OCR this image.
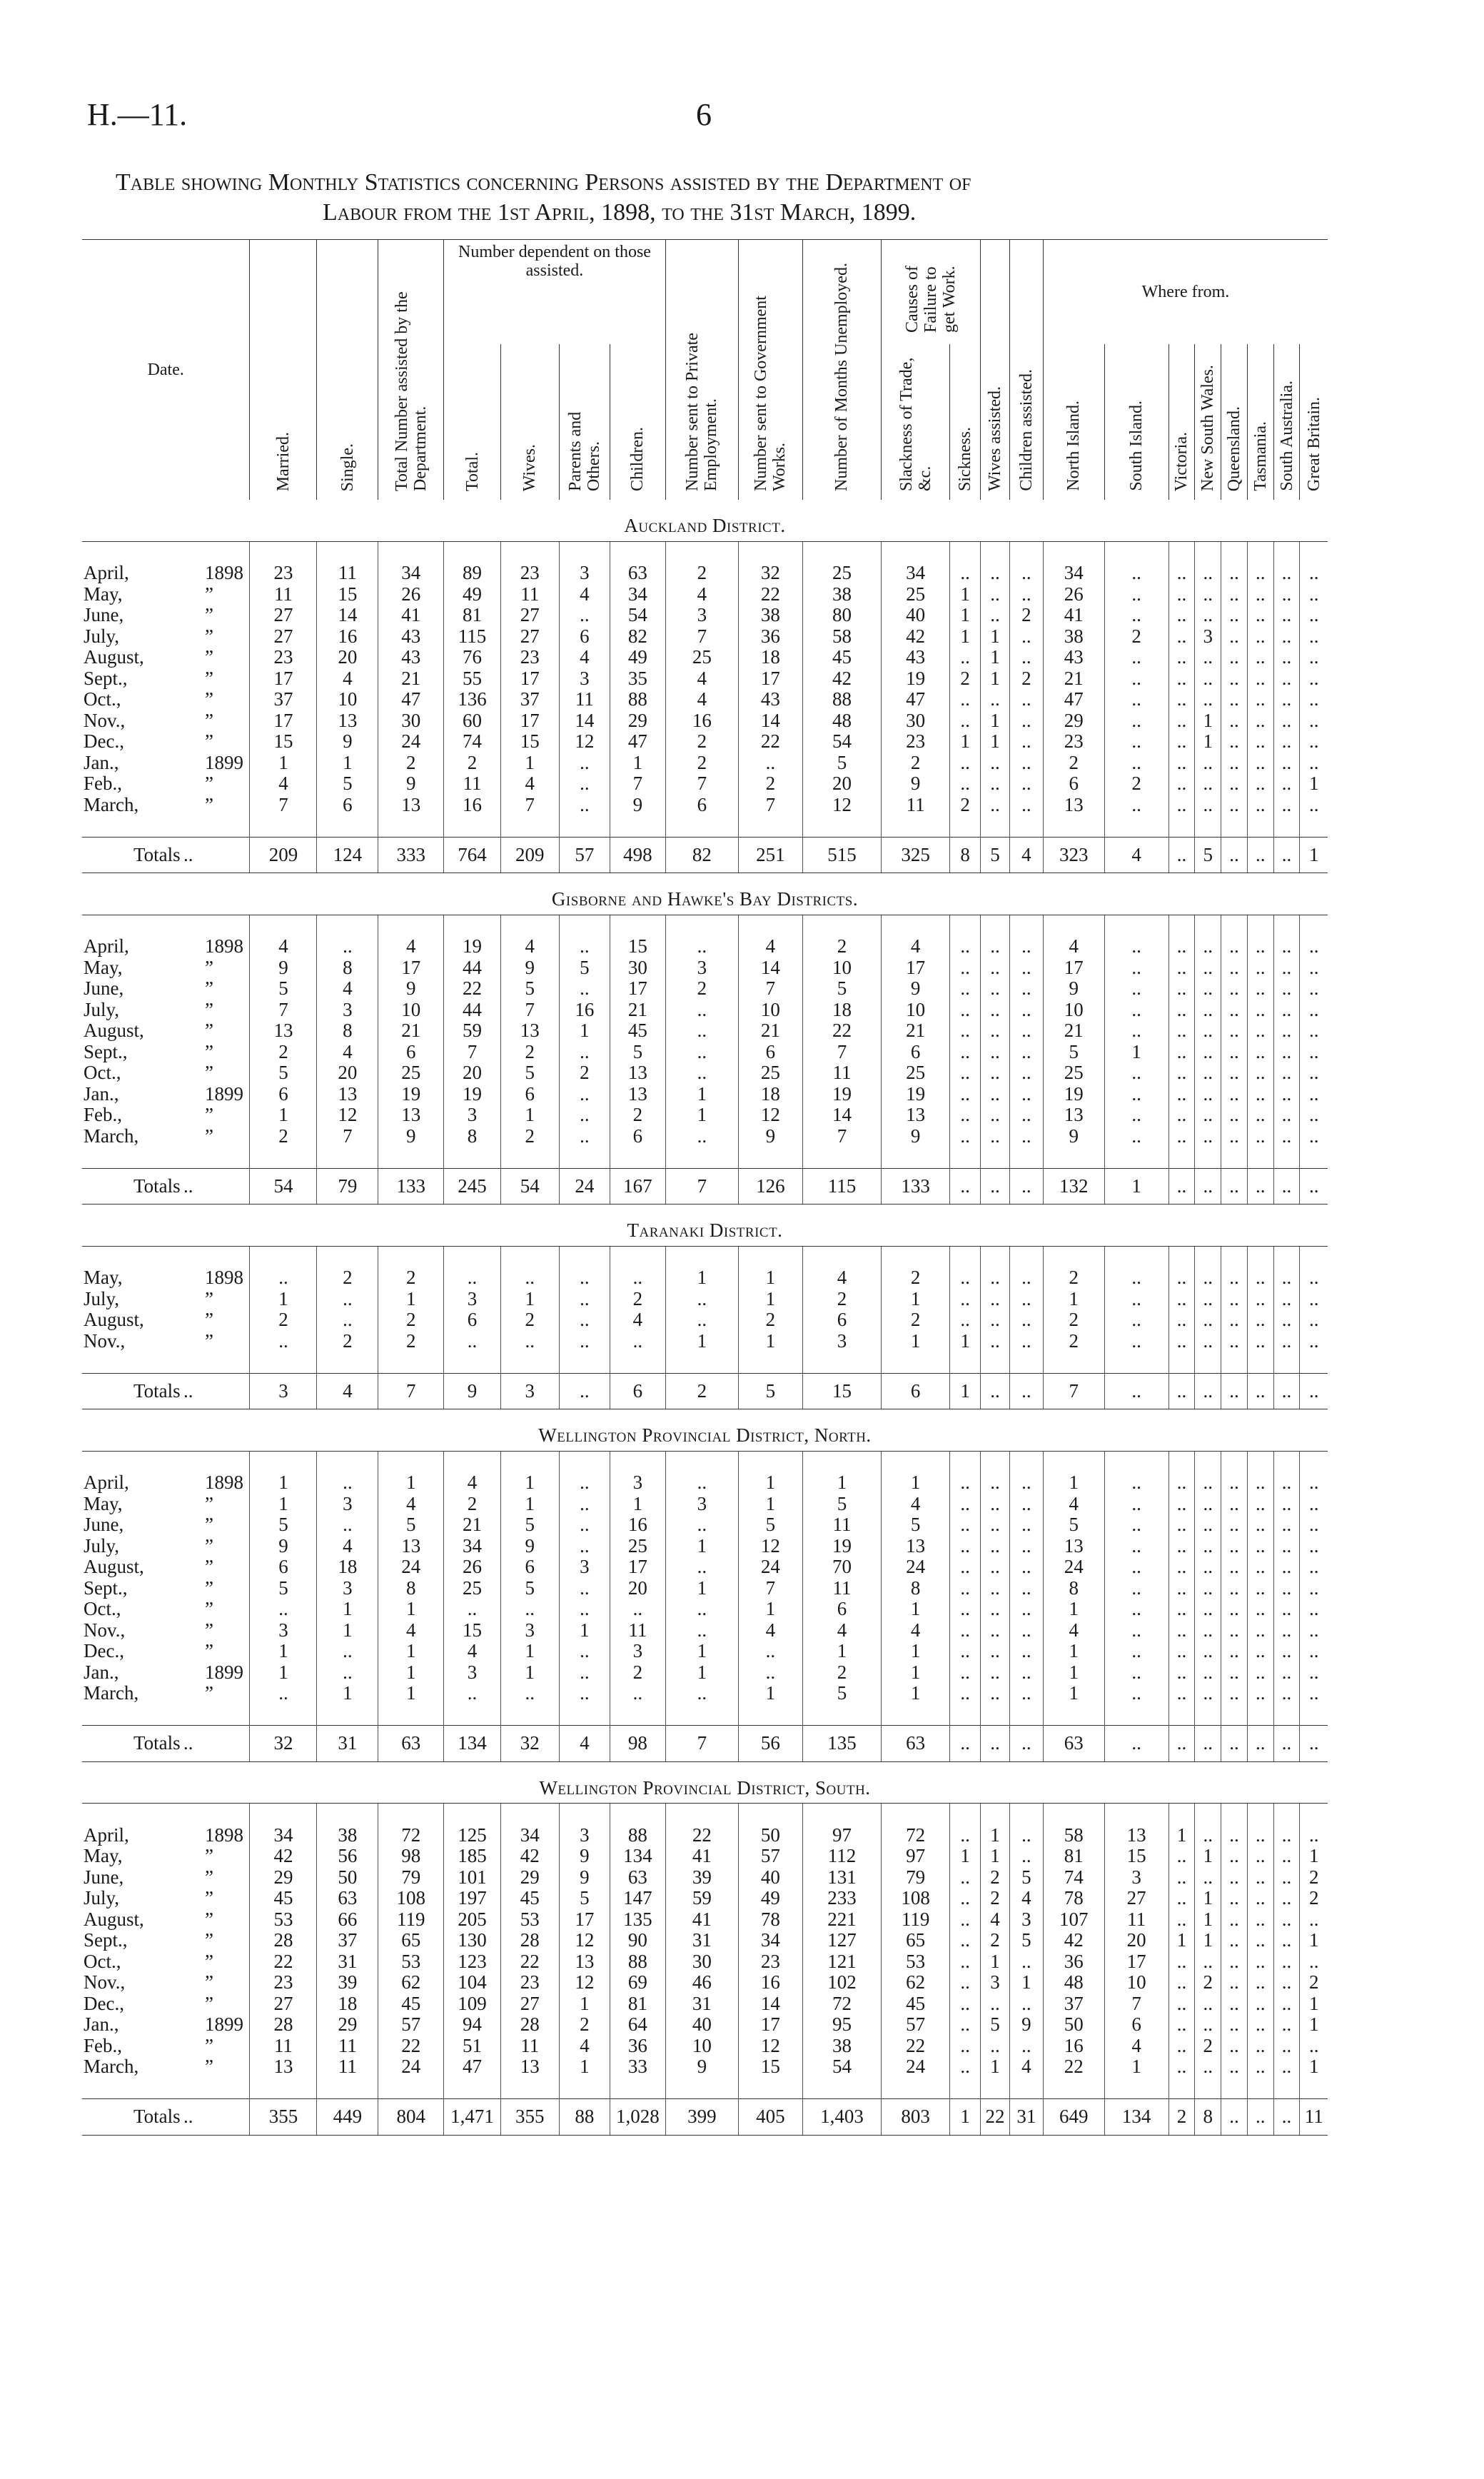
H.—11.	6
Table showing Monthly Statistics concerning Persons assisted by the Department of
Labour from the 1st April, 1898, to the 31st March, 1899.
Date.	Married.	Single.	Total Number assisted by the Department.	Number dependent on those assisted.				Number sent to Private Employment.	Number sent to Government Works.	Number of Months Unemployed.	Causes of Failure to get Work.		Wives assisted.	Children assisted.	Where from.							
				Total.	Wives.	Parents and Others.	Children.				Slackness of Trade, &c.	Sickness.			North Island.	South Island.	Victoria.	New South Wales.	Queensland.	Tasmania.	South Australia.	Great Britain.

Auckland District.																						

April, 1898	23	11	34	89	23	3	63	2	32	25	34	..	..	..	34	..	..	..	..	..	..	..
May, ”	11	15	26	49	11	4	34	4	22	38	25	1	..	..	26	..	..	..	..	..	..	..
June, ”	27	14	41	81	27	..	54	3	38	80	40	1	..	2	41	..	..	..	..	..	..	..
July, ”	27	16	43	115	27	6	82	7	36	58	42	1	1	..	38	2	..	3	..	..	..	..
August, ”	23	20	43	76	23	4	49	25	18	45	43	..	1	..	43	..	..	..	..	..	..	..
Sept., ”	17	4	21	55	17	3	35	4	17	42	19	2	1	2	21	..	..	..	..	..	..	..
Oct., ”	37	10	47	136	37	11	88	4	43	88	47	..	..	..	47	..	..	..	..	..	..	..
Nov., ”	17	13	30	60	17	14	29	16	14	48	30	..	1	..	29	..	..	1	..	..	..	..
Dec., ”	15	9	24	74	15	12	47	2	22	54	23	1	1	..	23	..	..	1	..	..	..	..
Jan., 1899	1	1	2	2	1	..	1	2	..	5	2	..	..	..	2	..	..	..	..	..	..	..
Feb., ”	4	5	9	11	4	..	7	7	2	20	9	..	..	..	6	2	..	..	..	..	..	1
March, ”	7	6	13	16	7	..	9	6	7	12	11	2	..	..	13	..	..	..	..	..	..	..

Totals ..	209	124	333	764	209	57	498	82	251	515	325	8	5	4	323	4	..	5	..	..	..	1
Gisborne and Hawke's Bay Districts.																						

April, 1898	4	..	4	19	4	..	15	..	4	2	4	..	..	..	4	..	..	..	..	..	..	..
May, ”	9	8	17	44	9	5	30	3	14	10	17	..	..	..	17	..	..	..	..	..	..	..
June, ”	5	4	9	22	5	..	17	2	7	5	9	..	..	..	9	..	..	..	..	..	..	..
July, ”	7	3	10	44	7	16	21	..	10	18	10	..	..	..	10	..	..	..	..	..	..	..
August, ”	13	8	21	59	13	1	45	..	21	22	21	..	..	..	21	..	..	..	..	..	..	..
Sept., ”	2	4	6	7	2	..	5	..	6	7	6	..	..	..	5	1	..	..	..	..	..	..
Oct., ”	5	20	25	20	5	2	13	..	25	11	25	..	..	..	25	..	..	..	..	..	..	..
Jan., 1899	6	13	19	19	6	..	13	1	18	19	19	..	..	..	19	..	..	..	..	..	..	..
Feb., ”	1	12	13	3	1	..	2	1	12	14	13	..	..	..	13	..	..	..	..	..	..	..
March, ”	2	7	9	8	2	..	6	..	9	7	9	..	..	..	9	..	..	..	..	..	..	..

Totals ..	54	79	133	245	54	24	167	7	126	115	133	..	..	..	132	1	..	..	..	..	..	..
Taranaki District.																						

May, 1898	..	2	2	..	..	..	..	1	1	4	2	..	..	..	2	..	..	..	..	..	..	..
July, ”	1	..	1	3	1	..	2	..	1	2	1	..	..	..	1	..	..	..	..	..	..	..
August, ”	2	..	2	6	2	..	4	..	2	6	2	..	..	..	2	..	..	..	..	..	..	..
Nov., ”	..	2	2	..	..	..	..	1	1	3	1	1	..	..	2	..	..	..	..	..	..	..

Totals ..	3	4	7	9	3	..	6	2	5	15	6	1	..	..	7	..	..	..	..	..	..	..
Wellington Provincial District, North.																						

April, 1898	1	..	1	4	1	..	3	..	1	1	1	..	..	..	1	..	..	..	..	..	..	..
May, ”	1	3	4	2	1	..	1	3	1	5	4	..	..	..	4	..	..	..	..	..	..	..
June, ”	5	..	5	21	5	..	16	..	5	11	5	..	..	..	5	..	..	..	..	..	..	..
July, ”	9	4	13	34	9	..	25	1	12	19	13	..	..	..	13	..	..	..	..	..	..	..
August, ”	6	18	24	26	6	3	17	..	24	70	24	..	..	..	24	..	..	..	..	..	..	..
Sept., ”	5	3	8	25	5	..	20	1	7	11	8	..	..	..	8	..	..	..	..	..	..	..
Oct., ”	..	1	1	..	..	..	..	..	1	6	1	..	..	..	1	..	..	..	..	..	..	..
Nov., ”	3	1	4	15	3	1	11	..	4	4	4	..	..	..	4	..	..	..	..	..	..	..
Dec., ”	1	..	1	4	1	..	3	1	..	1	1	..	..	..	1	..	..	..	..	..	..	..
Jan., 1899	1	..	1	3	1	..	2	1	..	2	1	..	..	..	1	..	..	..	..	..	..	..
March, ”	..	1	1	..	..	..	..	..	1	5	1	..	..	..	1	..	..	..	..	..	..	..

Totals ..	32	31	63	134	32	4	98	7	56	135	63	..	..	..	63	..	..	..	..	..	..	..
Wellington Provincial District, South.																						

April, 1898	34	38	72	125	34	3	88	22	50	97	72	..	1	..	58	13	1	..	..	..	..	..
May, ”	42	56	98	185	42	9	134	41	57	112	97	1	1	..	81	15	..	1	..	..	..	1
June, ”	29	50	79	101	29	9	63	39	40	131	79	..	2	5	74	3	..	..	..	..	..	2
July, ”	45	63	108	197	45	5	147	59	49	233	108	..	2	4	78	27	..	1	..	..	..	2
August, ”	53	66	119	205	53	17	135	41	78	221	119	..	4	3	107	11	..	1	..	..	..	..
Sept., ”	28	37	65	130	28	12	90	31	34	127	65	..	2	5	42	20	1	1	..	..	..	1
Oct., ”	22	31	53	123	22	13	88	30	23	121	53	..	1	..	36	17	..	..	..	..	..	..
Nov., ”	23	39	62	104	23	12	69	46	16	102	62	..	3	1	48	10	..	2	..	..	..	2
Dec., ”	27	18	45	109	27	1	81	31	14	72	45	..	..	..	37	7	..	..	..	..	..	1
Jan., 1899	28	29	57	94	28	2	64	40	17	95	57	..	5	9	50	6	..	..	..	..	..	1
Feb., ”	11	11	22	51	11	4	36	10	12	38	22	..	..	..	16	4	..	2	..	..	..	..
March, ”	13	11	24	47	13	1	33	9	15	54	24	..	1	4	22	1	..	..	..	..	..	1

Totals ..	355	449	804	1,471	355	88	1,028	399	405	1,403	803	1	22	31	649	134	2	8	..	..	..	11
